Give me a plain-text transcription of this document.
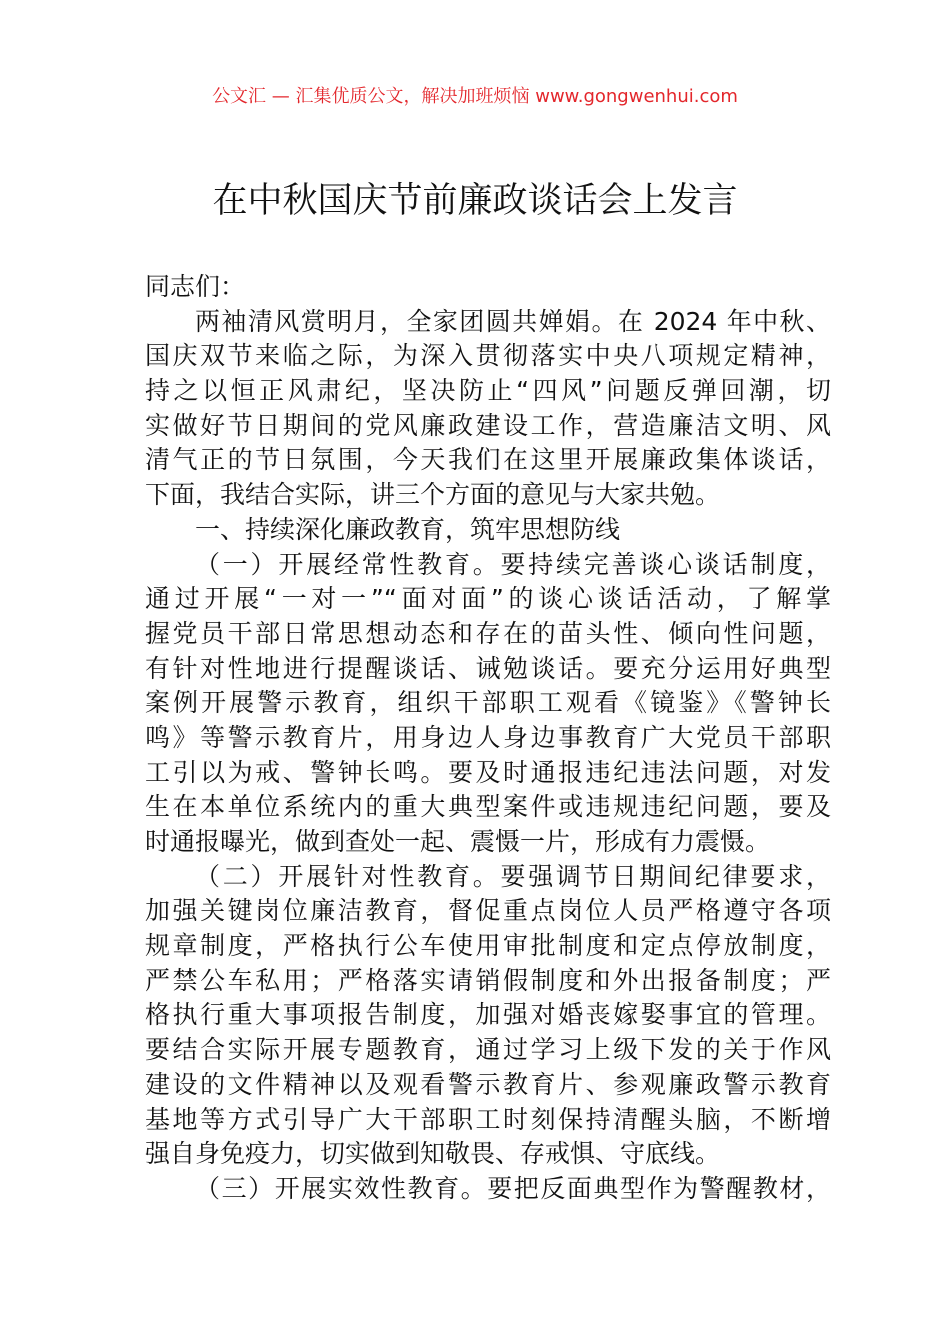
公文汇 — 汇集优质公文，解决加班烦恼 www.gongwenhui.com
在中秋国庆节前廉政谈话会上发言
同志们：
两袖清风赏明月，全家团圆共婵娟。在 2024 年中秋、
国庆双节来临之际，为深入贯彻落实中央八项规定精神，
持之以恒正风肃纪，坚决防止“四风”问题反弹回潮，切
实做好节日期间的党风廉政建设工作，营造廉洁文明、风
清气正的节日氛围，今天我们在这里开展廉政集体谈话，
下面，我结合实际，讲三个方面的意见与大家共勉。
一、持续深化廉政教育，筑牢思想防线
（一）开展经常性教育。要持续完善谈心谈话制度，
通过开展“一对一”“面对面”的谈心谈话活动，了解掌
握党员干部日常思想动态和存在的苗头性、倾向性问题，
有针对性地进行提醒谈话、诫勉谈话。要充分运用好典型
案例开展警示教育，组织干部职工观看《镜鉴》《警钟长
鸣》等警示教育片，用身边人身边事教育广大党员干部职
工引以为戒、警钟长鸣。要及时通报违纪违法问题，对发
生在本单位系统内的重大典型案件或违规违纪问题，要及
时通报曝光，做到查处一起、震慑一片，形成有力震慑。
（二）开展针对性教育。要强调节日期间纪律要求，
加强关键岗位廉洁教育，督促重点岗位人员严格遵守各项
规章制度，严格执行公车使用审批制度和定点停放制度，
严禁公车私用；严格落实请销假制度和外出报备制度；严
格执行重大事项报告制度，加强对婚丧嫁娶事宜的管理。
要结合实际开展专题教育，通过学习上级下发的关于作风
建设的文件精神以及观看警示教育片、参观廉政警示教育
基地等方式引导广大干部职工时刻保持清醒头脑，不断增
强自身免疫力，切实做到知敬畏、存戒惧、守底线。
（三）开展实效性教育。要把反面典型作为警醒教材，
